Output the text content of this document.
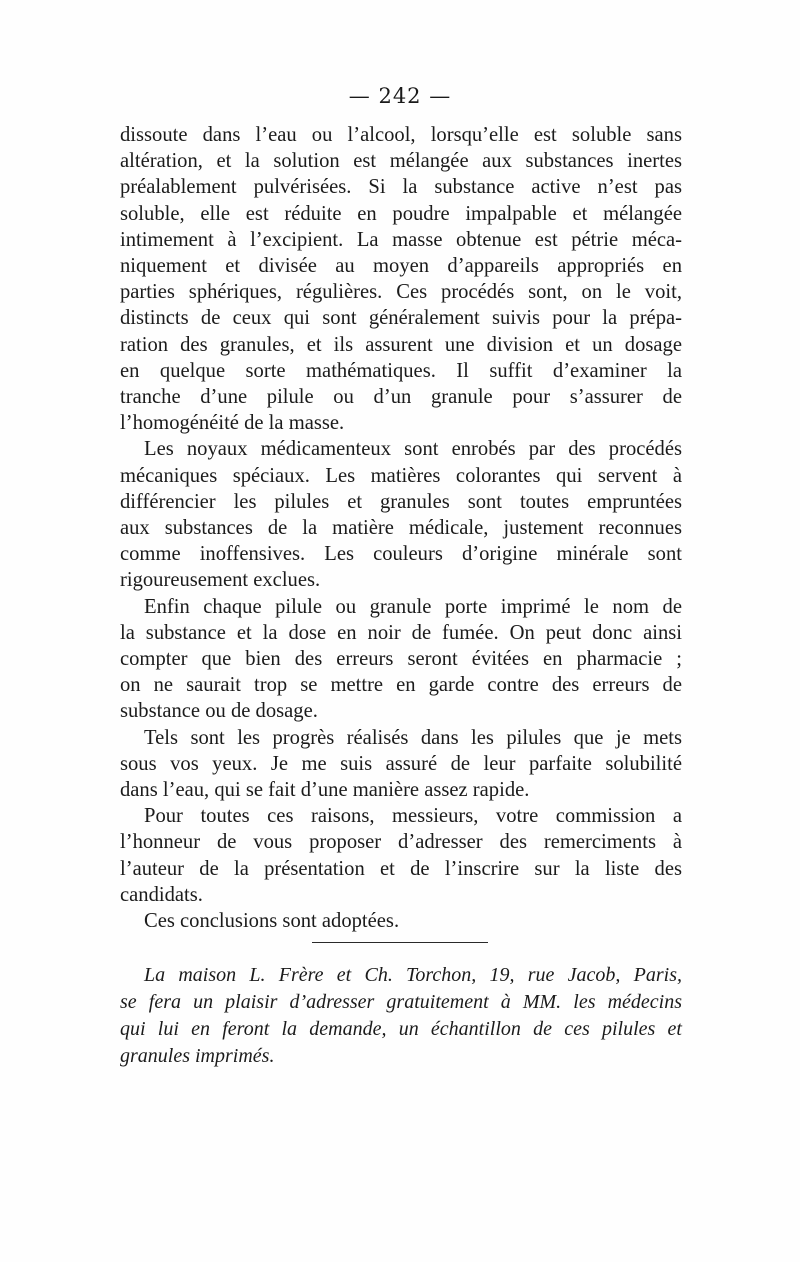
— 242 —
dissoute dans l’eau ou l’alcool, lorsqu’elle est soluble sans
altération, et la solution est mélangée aux substances inertes
préalablement pulvérisées. Si la substance active n’est pas
soluble, elle est réduite en poudre impalpable et mélangée
intimement à l’excipient. La masse obtenue est pétrie méca-
niquement et divisée au moyen d’appareils appropriés en
parties sphériques, régulières. Ces procédés sont, on le voit,
distincts de ceux qui sont généralement suivis pour la prépa-
ration des granules, et ils assurent une division et un dosage
en quelque sorte mathématiques. Il suffit d’examiner la
tranche d’une pilule ou d’un granule pour s’assurer de
l’homogénéité de la masse.
Les noyaux médicamenteux sont enrobés par des procédés
mécaniques spéciaux. Les matières colorantes qui servent à
différencier les pilules et granules sont toutes empruntées
aux substances de la matière médicale, justement reconnues
comme inoffensives. Les couleurs d’origine minérale sont
rigoureusement exclues.
Enfin chaque pilule ou granule porte imprimé le nom de
la substance et la dose en noir de fumée. On peut donc ainsi
compter que bien des erreurs seront évitées en pharmacie ;
on ne saurait trop se mettre en garde contre des erreurs de
substance ou de dosage.
Tels sont les progrès réalisés dans les pilules que je mets
sous vos yeux. Je me suis assuré de leur parfaite solubilité
dans l’eau, qui se fait d’une manière assez rapide.
Pour toutes ces raisons, messieurs, votre commission a
l’honneur de vous proposer d’adresser des remerciments à
l’auteur de la présentation et de l’inscrire sur la liste des
candidats.
Ces conclusions sont adoptées.
La maison L. Frère et Ch. Torchon, 19, rue Jacob, Paris,
se fera un plaisir d’adresser gratuitement à MM. les médecins
qui lui en feront la demande, un échantillon de ces pilules et
granules imprimés.
